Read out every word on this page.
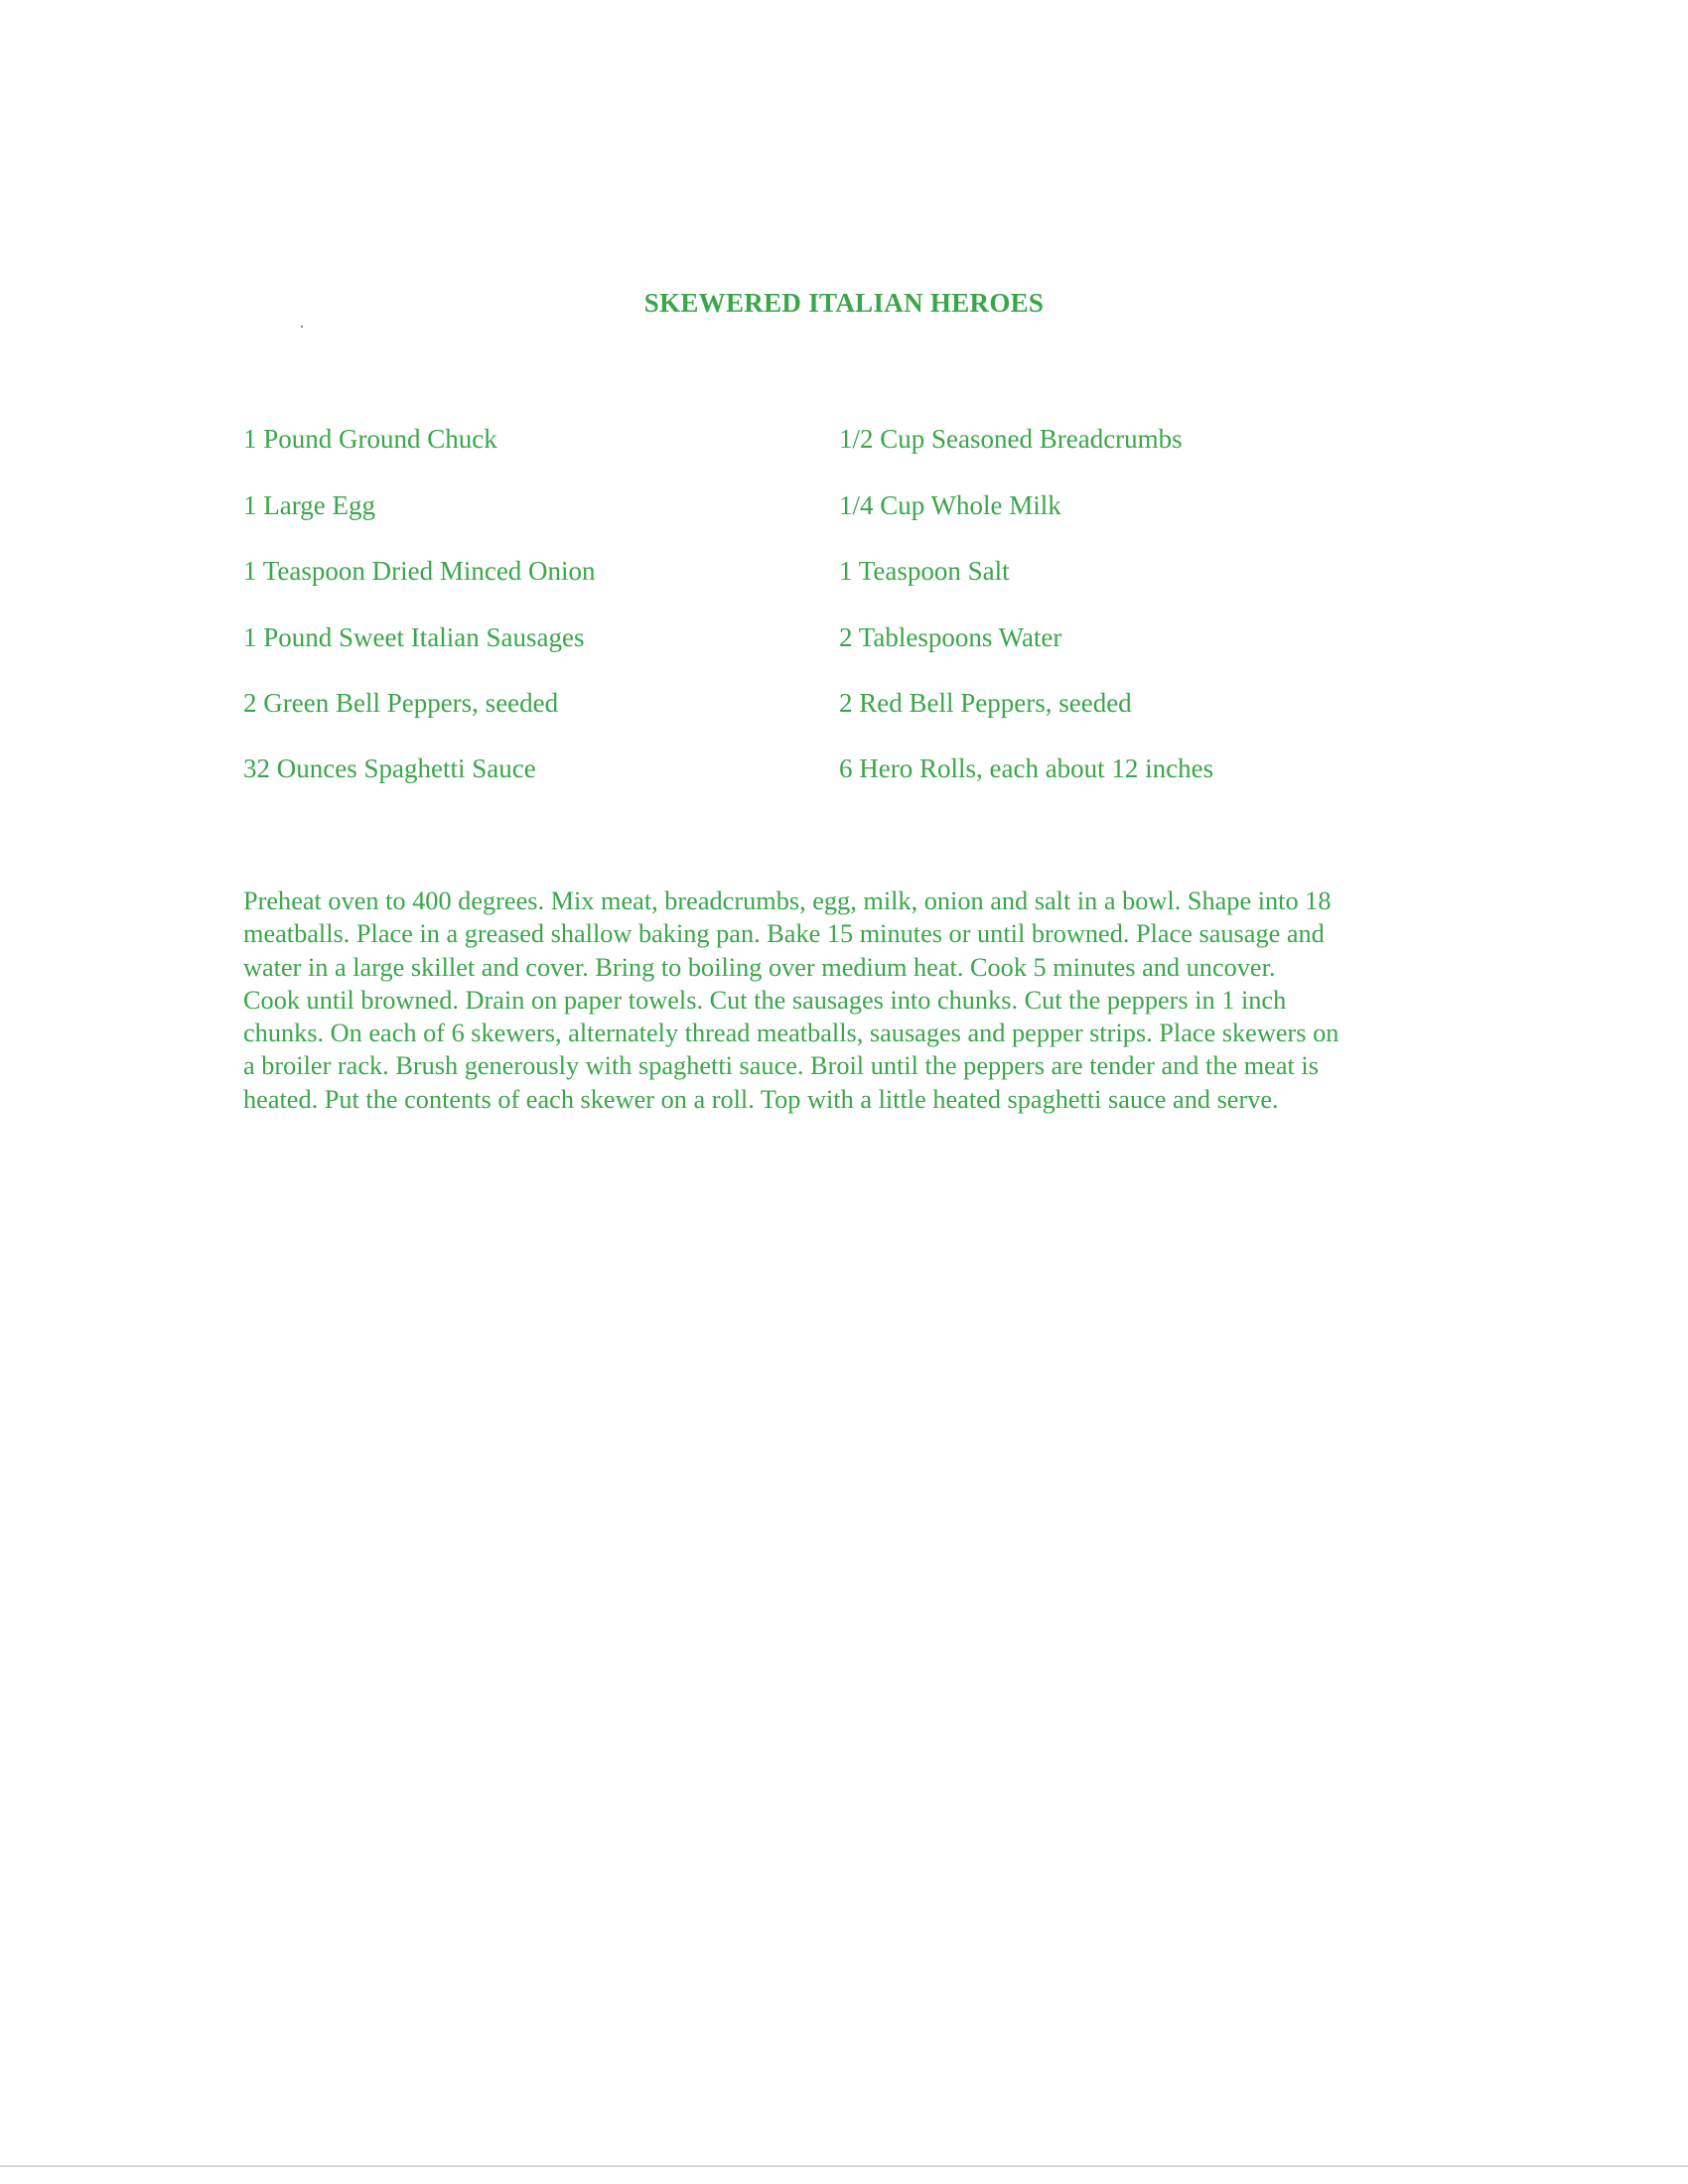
SKEWERED ITALIAN HEROES
1 Pound Ground Chuck
1 Large Egg
1 Teaspoon Dried Minced Onion
1 Pound Sweet Italian Sausages
2 Green Bell Peppers, seeded
32 Ounces Spaghetti Sauce
1/2 Cup Seasoned Breadcrumbs
1/4 Cup Whole Milk
1 Teaspoon Salt
2 Tablespoons Water
2 Red Bell Peppers, seeded
6 Hero Rolls, each about 12 inches
Preheat oven to 400 degrees. Mix meat, breadcrumbs, egg, milk, onion and salt in a bowl. Shape into 18
meatballs. Place in a greased shallow baking pan. Bake 15 minutes or until browned. Place sausage and
water in a large skillet and cover. Bring to boiling over medium heat. Cook 5 minutes and uncover.
Cook until browned. Drain on paper towels. Cut the sausages into chunks. Cut the peppers in 1 inch
chunks. On each of 6 skewers, alternately thread meatballs, sausages and pepper strips. Place skewers on
a broiler rack. Brush generously with spaghetti sauce. Broil until the peppers are tender and the meat is
heated. Put the contents of each skewer on a roll. Top with a little heated spaghetti sauce and serve.
